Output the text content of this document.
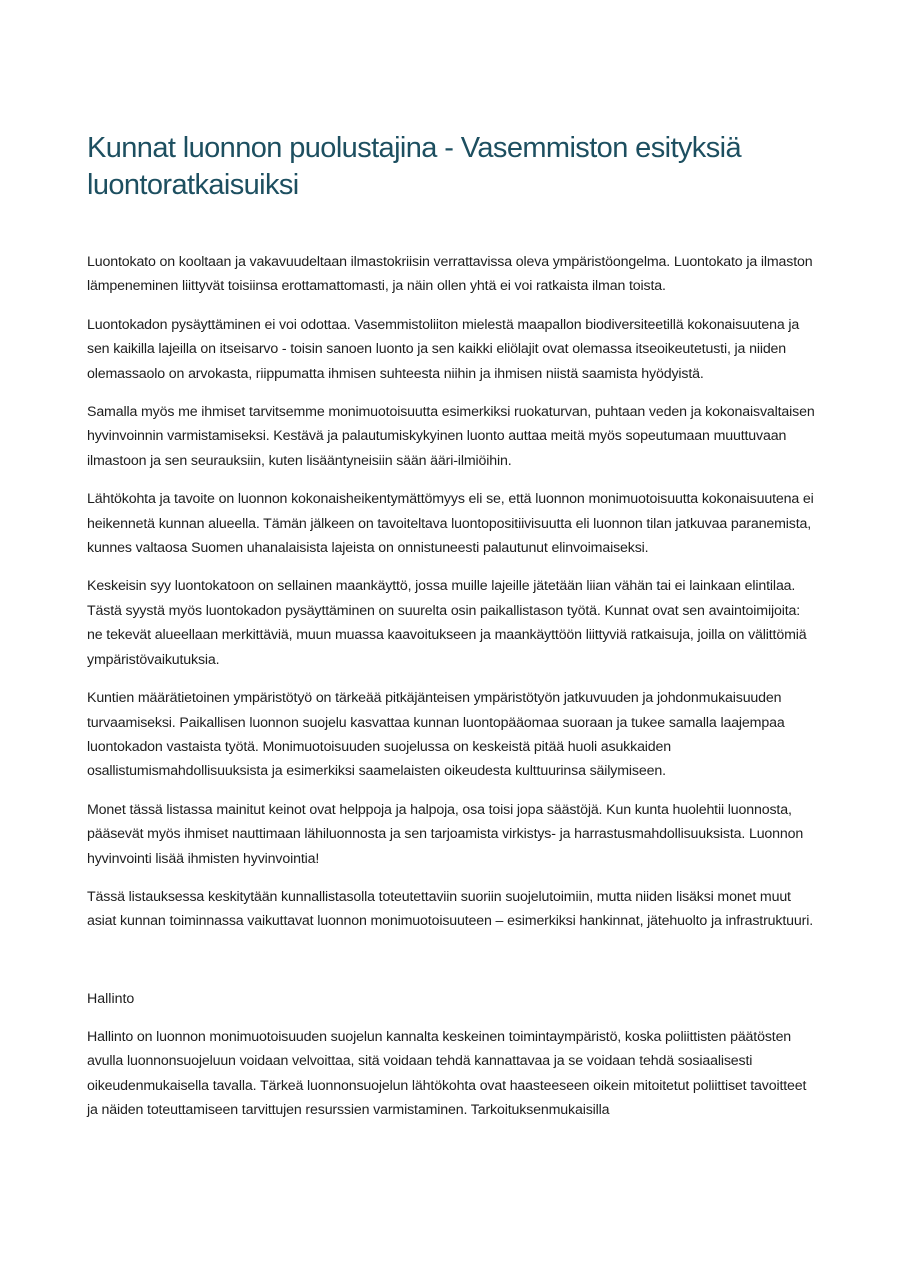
Kunnat luonnon puolustajina - Vasemmiston esityksiä luontoratkaisuiksi

Luontokato on kooltaan ja vakavuudeltaan ilmastokriisin verrattavissa oleva ympäristöongelma. Luontokato ja ilmaston lämpeneminen liittyvät toisiinsa erottamattomasti, ja näin ollen yhtä ei voi ratkaista ilman toista.

Luontokadon pysäyttäminen ei voi odottaa. Vasemmistoliiton mielestä maapallon biodiversiteetillä kokonaisuutena ja sen kaikilla lajeilla on itseisarvo - toisin sanoen luonto ja sen kaikki eliölajit ovat olemassa itseoikeutetusti, ja niiden olemassaolo on arvokasta, riippumatta ihmisen suhteesta niihin ja ihmisen niistä saamista hyödyistä.

Samalla myös me ihmiset tarvitsemme monimuotoisuutta esimerkiksi ruokaturvan, puhtaan veden ja kokonaisvaltaisen hyvinvoinnin varmistamiseksi. Kestävä ja palautumiskykyinen luonto auttaa meitä myös sopeutumaan muuttuvaan ilmastoon ja sen seurauksiin, kuten lisääntyneisiin sään ääri-ilmiöihin.

Lähtökohta ja tavoite on luonnon kokonaisheikentymättömyys eli se, että luonnon monimuotoisuutta kokonaisuutena ei heikennetä kunnan alueella. Tämän jälkeen on tavoiteltava luontopositiivisuutta eli luonnon tilan jatkuvaa paranemista, kunnes valtaosa Suomen uhanalaisista lajeista on onnistuneesti palautunut elinvoimaiseksi.

Keskeisin syy luontokatoon on sellainen maankäyttö, jossa muille lajeille jätetään liian vähän tai ei lainkaan elintilaa. Tästä syystä myös luontokadon pysäyttäminen on suurelta osin paikallistason työtä. Kunnat ovat sen avaintoimijoita: ne tekevät alueellaan merkittäviä, muun muassa kaavoitukseen ja maankäyttöön liittyviä ratkaisuja, joilla on välittömiä ympäristövaikutuksia.

Kuntien määrätietoinen ympäristötyö on tärkeää pitkäjänteisen ympäristötyön jatkuvuuden ja johdonmukaisuuden turvaamiseksi. Paikallisen luonnon suojelu kasvattaa kunnan luontopääomaa suoraan ja tukee samalla laajempaa luontokadon vastaista työtä. Monimuotoisuuden suojelussa on keskeistä pitää huoli asukkaiden osallistumismahdollisuuksista ja esimerkiksi saamelaisten oikeudesta kulttuurinsa säilymiseen.

Monet tässä listassa mainitut keinot ovat helppoja ja halpoja, osa toisi jopa säästöjä. Kun kunta huolehtii luonnosta, pääsevät myös ihmiset nauttimaan lähiluonnosta ja sen tarjoamista virkistys- ja harrastusmahdollisuuksista. Luonnon hyvinvointi lisää ihmisten hyvinvointia!

Tässä listauksessa keskitytään kunnallistasolla toteutettaviin suoriin suojelutoimiin, mutta niiden lisäksi monet muut asiat kunnan toiminnassa vaikuttavat luonnon monimuotoisuuteen – esimerkiksi hankinnat, jätehuolto ja infrastruktuuri.

Hallinto

Hallinto on luonnon monimuotoisuuden suojelun kannalta keskeinen toimintaympäristö, koska poliittisten päätösten avulla luonnonsuojeluun voidaan velvoittaa, sitä voidaan tehdä kannattavaa ja se voidaan tehdä sosiaalisesti oikeudenmukaisella tavalla. Tärkeä luonnonsuojelun lähtökohta ovat haasteeseen oikein mitoitetut poliittiset tavoitteet ja näiden toteuttamiseen tarvittujen resurssien varmistaminen. Tarkoituksenmukaisilla
